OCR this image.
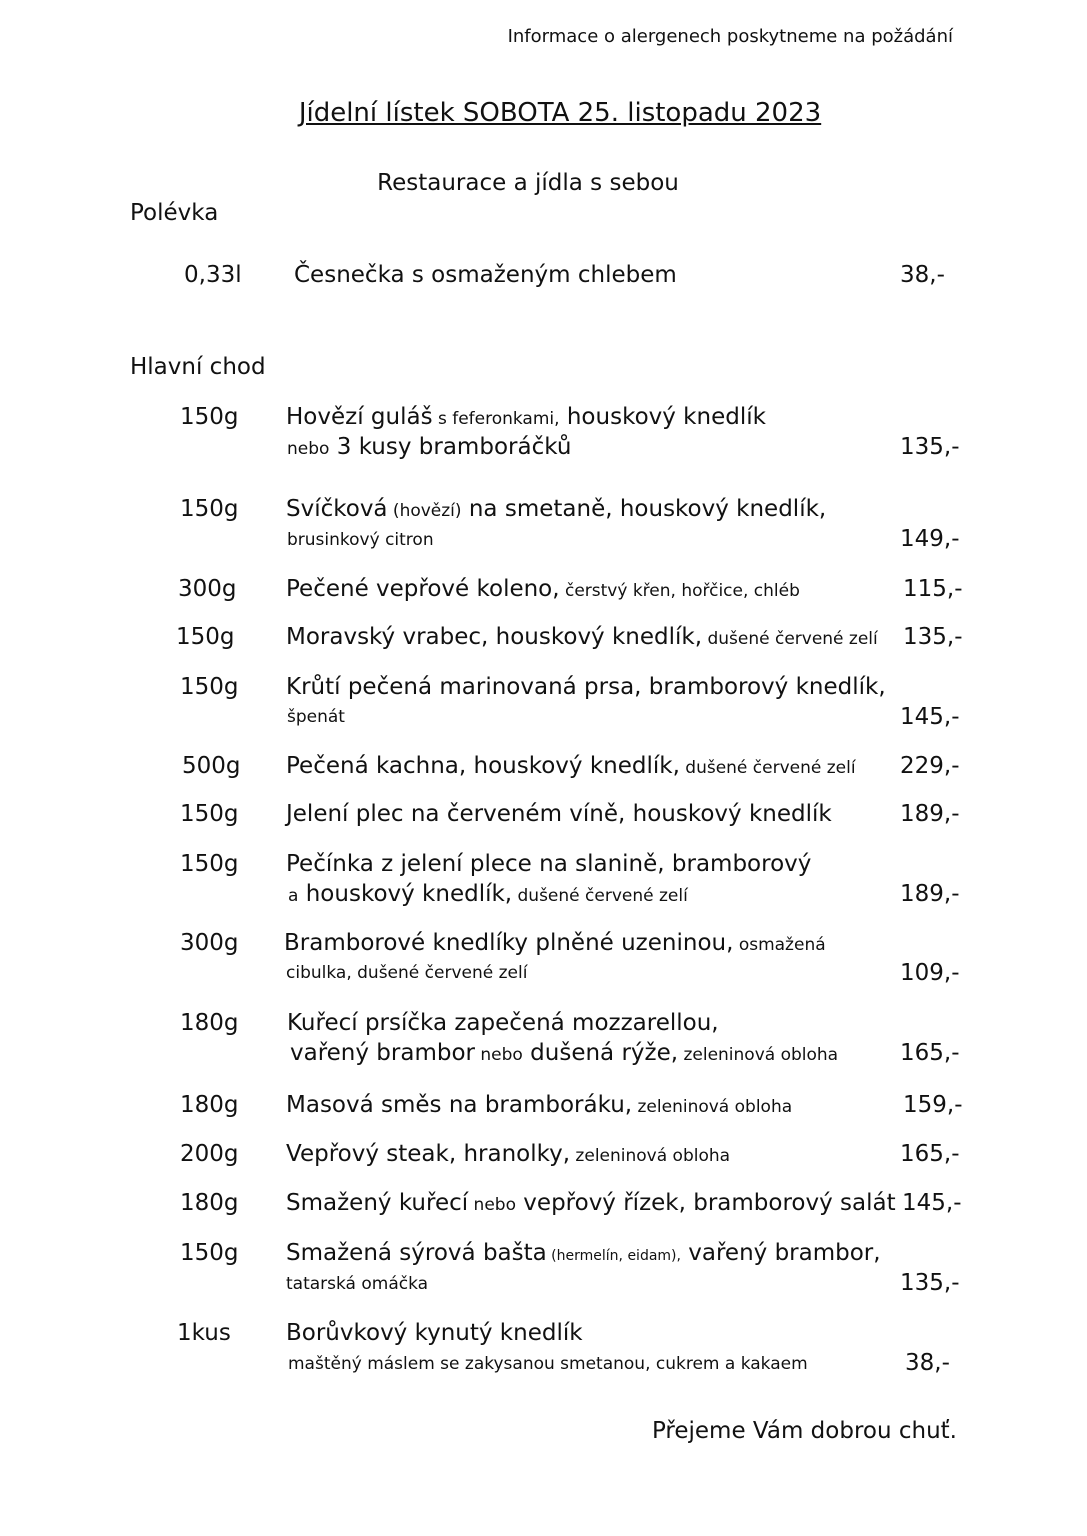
Informace o alergenech poskytneme na požádání
Jídelní lístek SOBOTA 25. listopadu 2023
Restaurace a jídla s sebou
Polévka
0,33l Česnečka s osmaženým chlebem	38,-
Hlavní chod
150g Hovězí guláš s feferonkami, houskový knedlík
nebo 3 kusy bramboráčků	135,-
150g Svíčková (hovězí) na smetaně, houskový knedlík,
brusinkový citron	149,-
300g Pečené vepřové koleno, čerstvý křen, hořčice, chléb	115,-
150g Moravský vrabec, houskový knedlík, dušené červené zelí 135,-
150g Krůtí pečená marinovaná prsa, bramborový knedlík,
špenát	145,-
500g Pečená kachna, houskový knedlík, dušené červené zelí 229,-
150g Jelení plec na červeném víně, houskový knedlík	189,-
150g Pečínka z jelení plece na slanině, bramborový
a houskový knedlík, dušené červené zelí	189,-
300g Bramborové knedlíky plněné uzeninou, osmažená
cibulka, dušené červené zelí	109,-
180g Kuřecí prsíčka zapečená mozzarellou,
vařený brambor nebo dušená rýže, zeleninová obloha	165,-
180g Masová směs na bramboráku, zeleninová obloha	159,-
200g Vepřový steak, hranolky, zeleninová obloha	165,-
180g Smažený kuřecí nebo vepřový řízek, bramborový salát 145,-
150g Smažená sýrová bašta (hermelín, eidam), vařený brambor,
tatarská omáčka	135,-
1kus Borůvkový kynutý knedlík
maštěný máslem se zakysanou smetanou, cukrem a kakaem	38,-
Přejeme Vám dobrou chuť.
